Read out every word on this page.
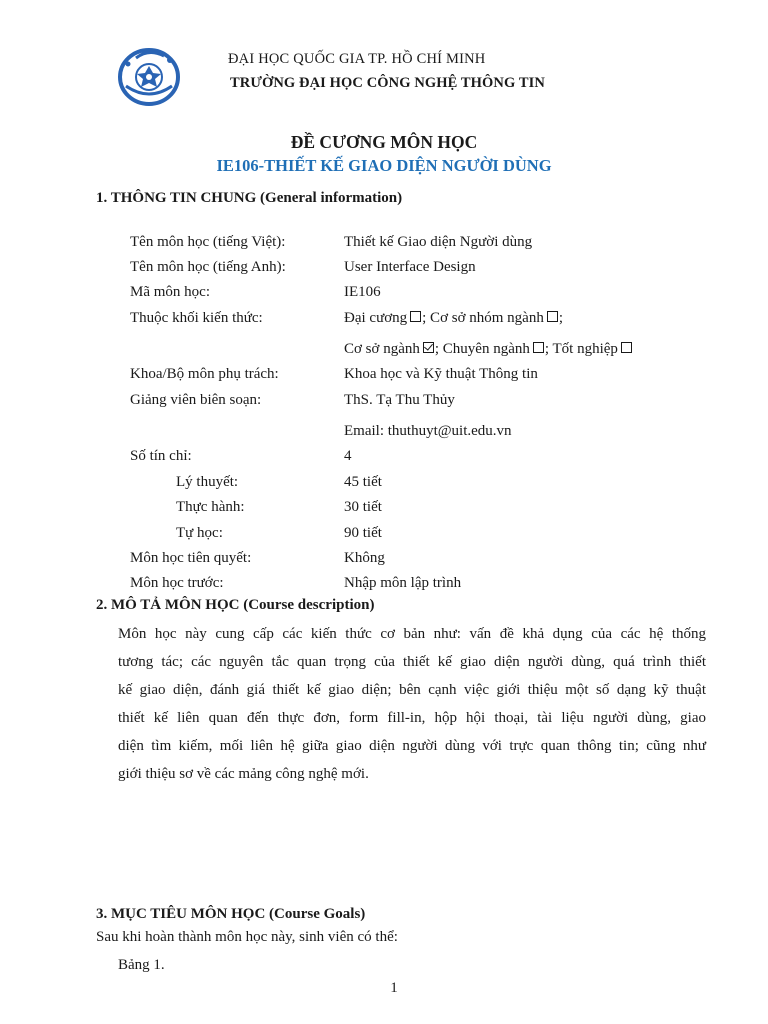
ĐẠI HỌC QUỐC GIA TP. HỒ CHÍ MINH
TRƯỜNG ĐẠI HỌC CÔNG NGHỆ THÔNG TIN
ĐỀ CƯƠNG MÔN HỌC
IE106-THIẾT KẾ GIAO DIỆN NGƯỜI DÙNG
1. THÔNG TIN CHUNG (General information)
Tên môn học (tiếng Việt):	Thiết kế Giao diện Người dùng
Tên môn học (tiếng Anh):	User Interface Design
Mã môn học:	IE106
Thuộc khối kiến thức:	Đại cương ; Cơ sở nhóm ngành ;
Cơ sở ngành ; Chuyên ngành ; Tốt nghiệp
Khoa/Bộ môn phụ trách:	Khoa học và Kỹ thuật Thông tin
Giảng viên biên soạn:	ThS. Tạ Thu Thủy
Email: thuthuyt@uit.edu.vn
Số tín chỉ:	4
Lý thuyết:	45 tiết
Thực hành:	30 tiết
Tự học:	90 tiết
Môn học tiên quyết:	Không
Môn học trước:	Nhập môn lập trình
2. MÔ TẢ MÔN HỌC (Course description)
Môn học này cung cấp các kiến thức cơ bản như: vấn đề khả dụng của các hệ thống
tương tác; các nguyên tắc quan trọng của thiết kế giao diện người dùng, quá trình thiết
kế giao diện, đánh giá thiết kế giao diện; bên cạnh việc giới thiệu một số dạng kỹ thuật
thiết kế liên quan đến thực đơn, form fill-in, hộp hội thoại, tài liệu người dùng, giao
diện tìm kiếm, mối liên hệ giữa giao diện người dùng với trực quan thông tin; cũng như
giới thiệu sơ về các mảng công nghệ mới.
3. MỤC TIÊU MÔN HỌC (Course Goals)
Sau khi hoàn thành môn học này, sinh viên có thể:
Bảng 1.
1
